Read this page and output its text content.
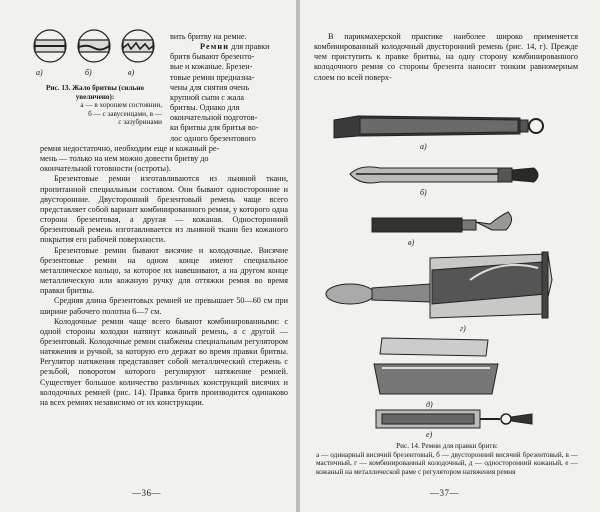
а)	б)	в)
Рис. 13. Жало бритвы (сильно увеличено):
а — в хорошем состоянии,
б — с завусенцами, в —
с зазубринами
вить бритву на ремне.
Ремни для правки
бритв бывают брезенто-
вые и кожаные. Брезен-
товые ремни предназна-
чены для снятия очень
крупной сыпи с жала
бритвы. Однако для
окончательной подготов-
ки бритвы для бритья во-
лос одного брезентового
ремня недостаточно, необходим еще и кожаный ре-
мень — только на нем можно довести бритву до
окончательной готовности (остроты).

Брезентовые ремни изготавливаются из льняной ткани, пропитанной специальным составом. Они бывают односторонние и двусторонние. Двусторонний брезентовый ремень чаще всего представляет собой вариант комбинированного ремня, у которого одна сторона брезентовая, а другая — кожаная. Односторонний брезентовый ремень изготавливается из льняной ткани без кожаного покрытия его рабочей поверхности.

Брезентовые ремни бывают висячие и колодочные. Висячие брезентовые ремни на одном конце имеют специальное металлическое кольцо, за которое их навешивают, а на другом конце металлическую или кожаную ручку для оттяжки ремня во время правки бритвы.

Средняя длина брезентовых ремней не превышает 50—60 см при ширине рабочего полотна 6—7 см.

Колодочные ремни чаще всего бывают комбинированными: с одной стороны колодки натянут кожаный ремень, а с другой — брезентовый. Колодочные ремни снабжены специальным регулятором натяжения и ручкой, за которую его держат во время правки бритвы. Регулятор натяжения представляет собой металлический стержень с резьбой, поворотом которого регулируют натяжение ремней. Существует большое количество различных конструкций висячих и колодочных ремней (рис. 14). Правка бритв производится одинаково на всех ремнях независимо от их конструкции.

—36—

В парикмахерской практике наиболее широко применяется комбинированный колодочный двусторонний ремень (рис. 14, г). Прежде чем приступить к правке бритвы, на одну сторону комбинированного колодочного ремня со стороны брезента наносят тонким равномерным слоем по всей поверх-

а)
б)
в)
г)
д)
е)
Рис. 14. Ремни для правки бритв:
а — одинарный висячий брезентовый, б — двусторонний висячий брезентовый, в — мастичный, г — комбинированный колодочный, д — односторонний кожаный, е — кожаный на металлической раме с регулятором натяжения ремня
—37—
